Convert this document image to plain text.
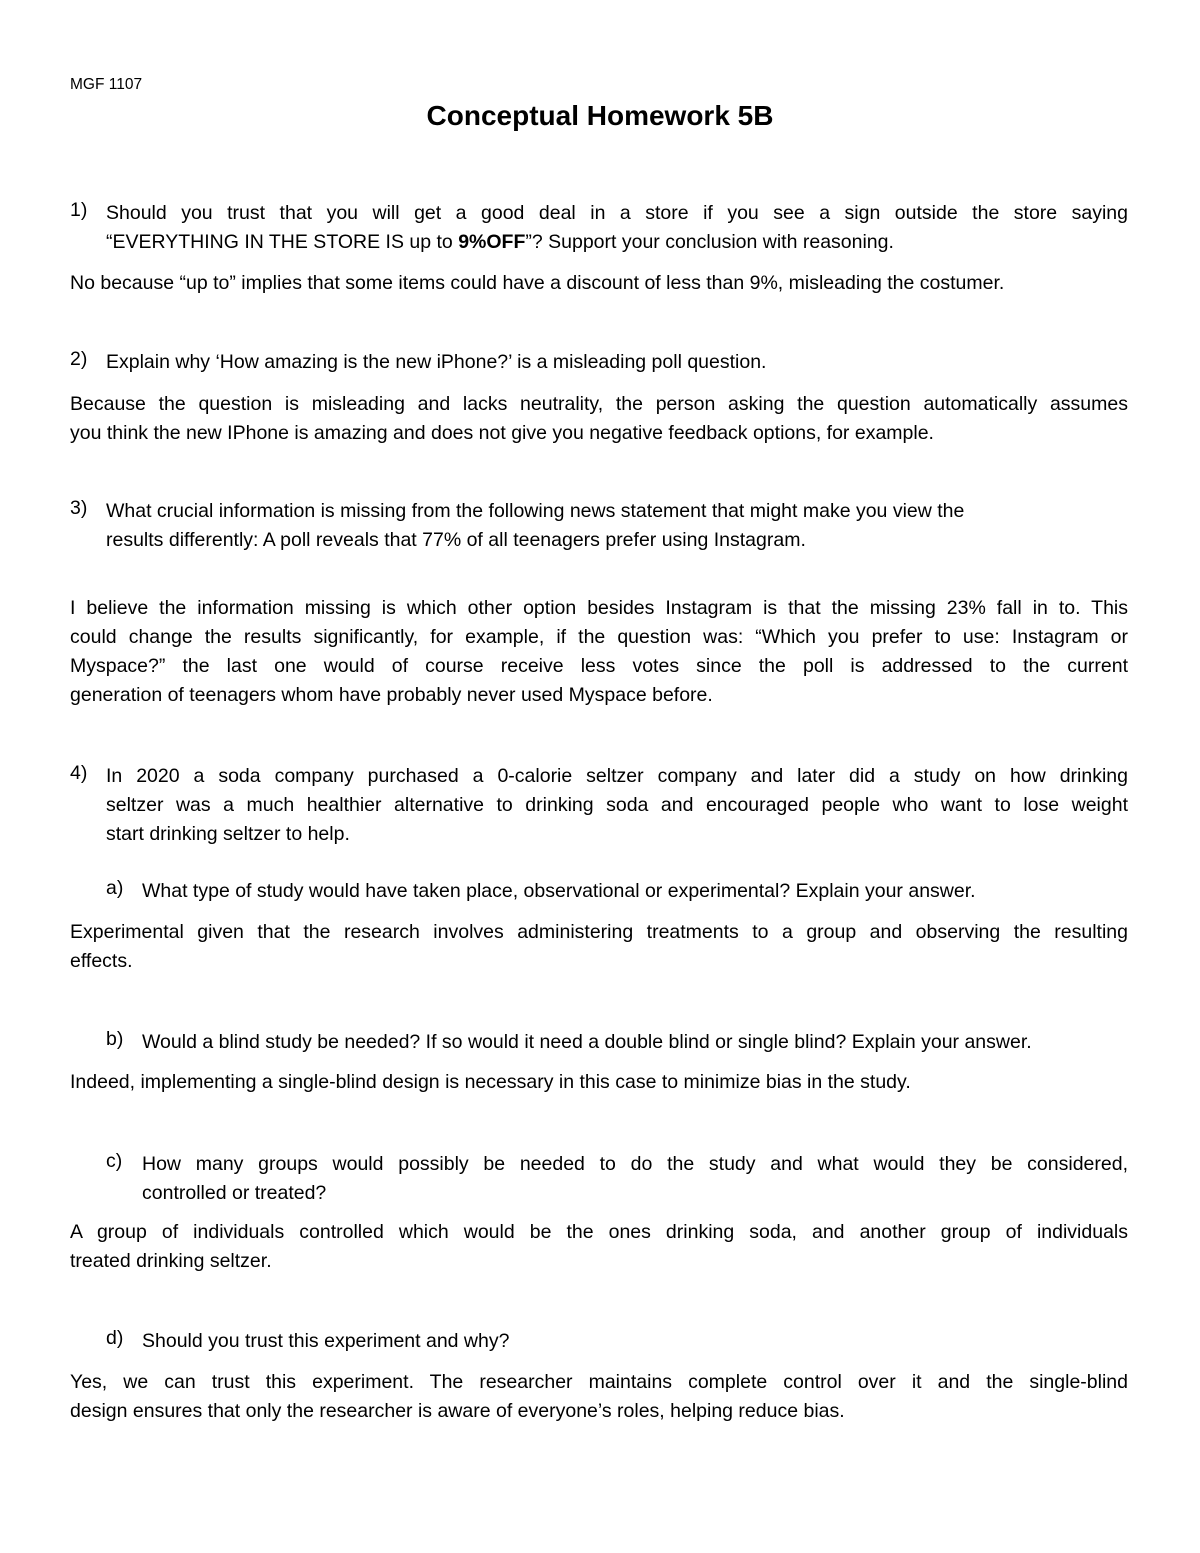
MGF 1107
Conceptual Homework 5B
1) Should you trust that you will get a good deal in a store if you see a sign outside the store saying
“EVERYTHING IN THE STORE IS up to 9%OFF”? Support your conclusion with reasoning.
No because “up to” implies that some items could have a discount of less than 9%, misleading the costumer.
2) Explain why ‘How amazing is the new iPhone?’ is a misleading poll question.
Because the question is misleading and lacks neutrality, the person asking the question automatically assumes
you think the new IPhone is amazing and does not give you negative feedback options, for example.
3) What crucial information is missing from the following news statement that might make you view the
results differently: A poll reveals that 77% of all teenagers prefer using Instagram.
I believe the information missing is which other option besides Instagram is that the missing 23% fall in to. This
could change the results significantly, for example, if the question was: “Which you prefer to use: Instagram or
Myspace?” the last one would of course receive less votes since the poll is addressed to the current
generation of teenagers whom have probably never used Myspace before.
4) In 2020 a soda company purchased a 0-calorie seltzer company and later did a study on how drinking
seltzer was a much healthier alternative to drinking soda and encouraged people who want to lose weight
start drinking seltzer to help.
a) What type of study would have taken place, observational or experimental? Explain your answer.
Experimental given that the research involves administering treatments to a group and observing the resulting
effects.
b) Would a blind study be needed? If so would it need a double blind or single blind? Explain your answer.
Indeed, implementing a single-blind design is necessary in this case to minimize bias in the study.
c) How many groups would possibly be needed to do the study and what would they be considered,
controlled or treated?
A group of individuals controlled which would be the ones drinking soda, and another group of individuals
treated drinking seltzer.
d) Should you trust this experiment and why?
Yes, we can trust this experiment. The researcher maintains complete control over it and the single-blind
design ensures that only the researcher is aware of everyone’s roles, helping reduce bias.
